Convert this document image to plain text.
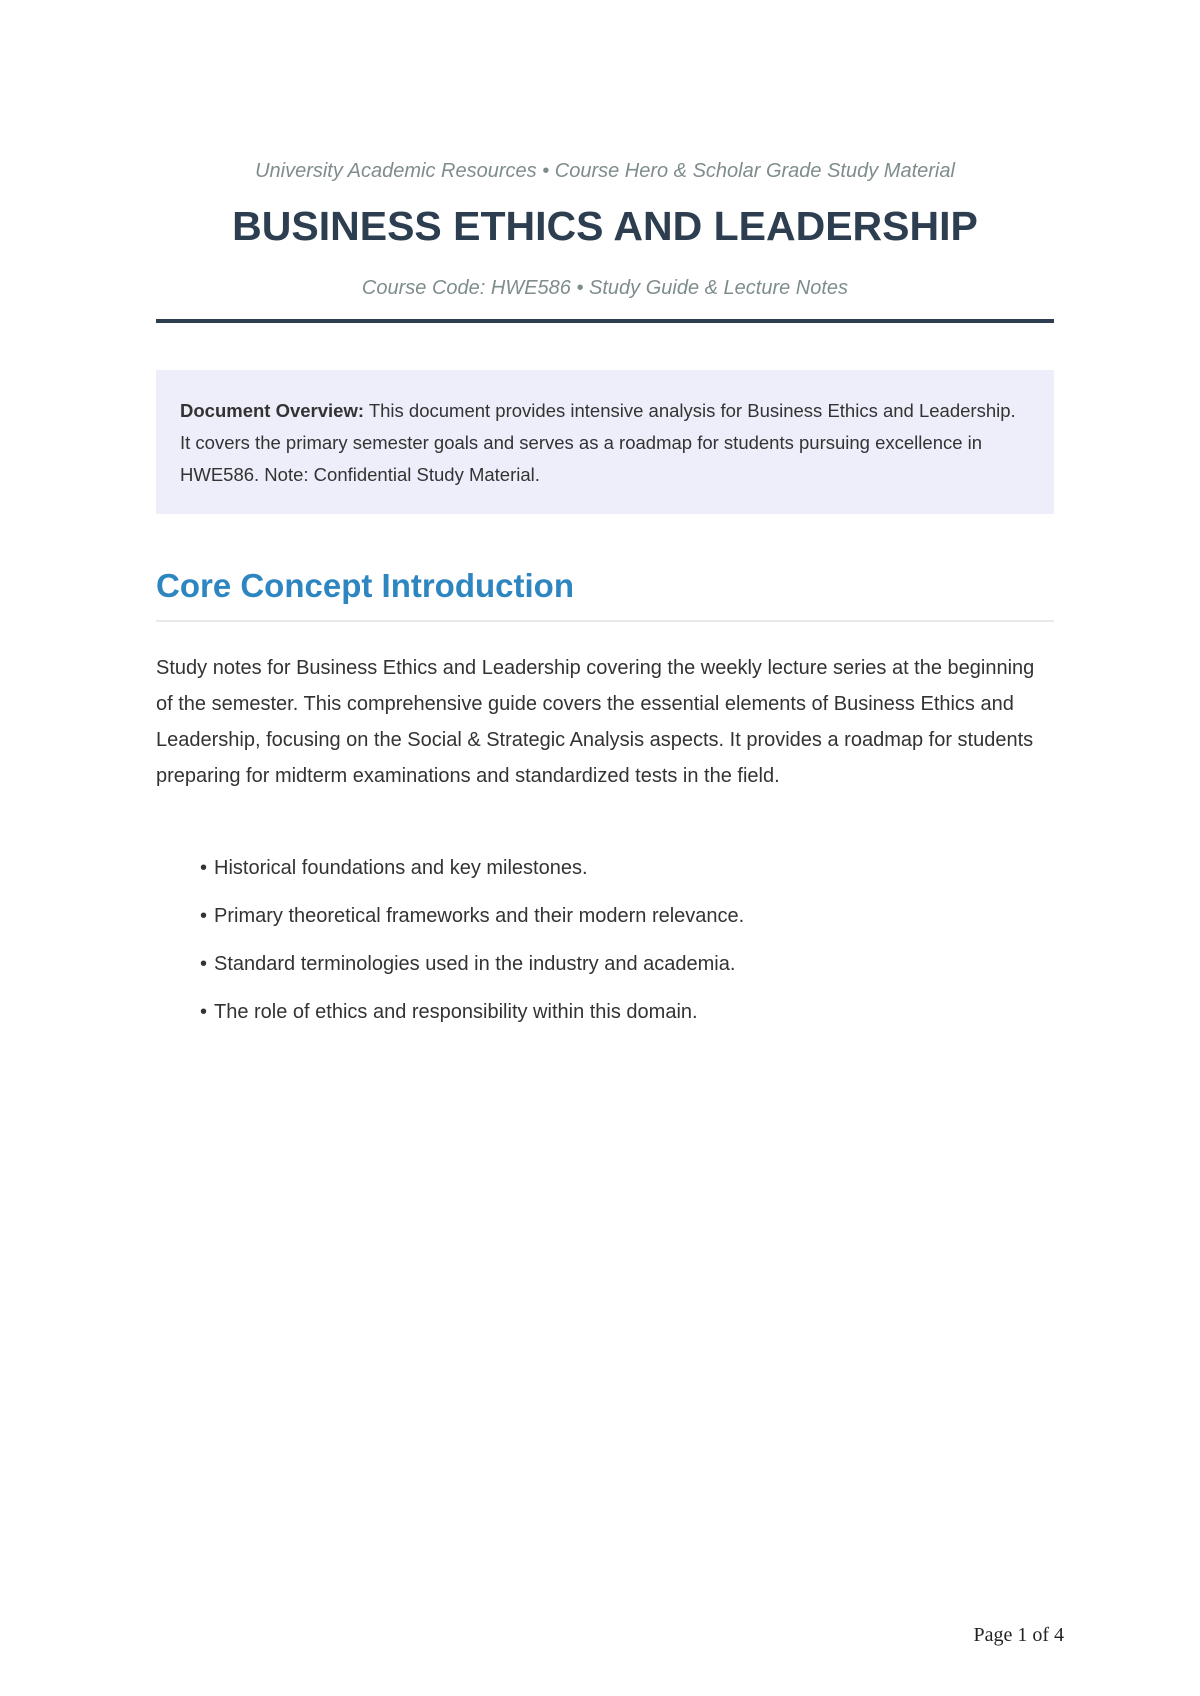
University Academic Resources • Course Hero & Scholar Grade Study Material
BUSINESS ETHICS AND LEADERSHIP
Course Code: HWE586 • Study Guide & Lecture Notes
Document Overview: This document provides intensive analysis for Business Ethics and Leadership. It covers the primary semester goals and serves as a roadmap for students pursuing excellence in HWE586. Note: Confidential Study Material.
Core Concept Introduction

Study notes for Business Ethics and Leadership covering the weekly lecture series at the beginning of the semester. This comprehensive guide covers the essential elements of Business Ethics and Leadership, focusing on the Social & Strategic Analysis aspects. It provides a roadmap for students preparing for midterm examinations and standardized tests in the field.

• Historical foundations and key milestones.
• Primary theoretical frameworks and their modern relevance.
• Standard terminologies used in the industry and academia.
• The role of ethics and responsibility within this domain.
Page 1 of 4
